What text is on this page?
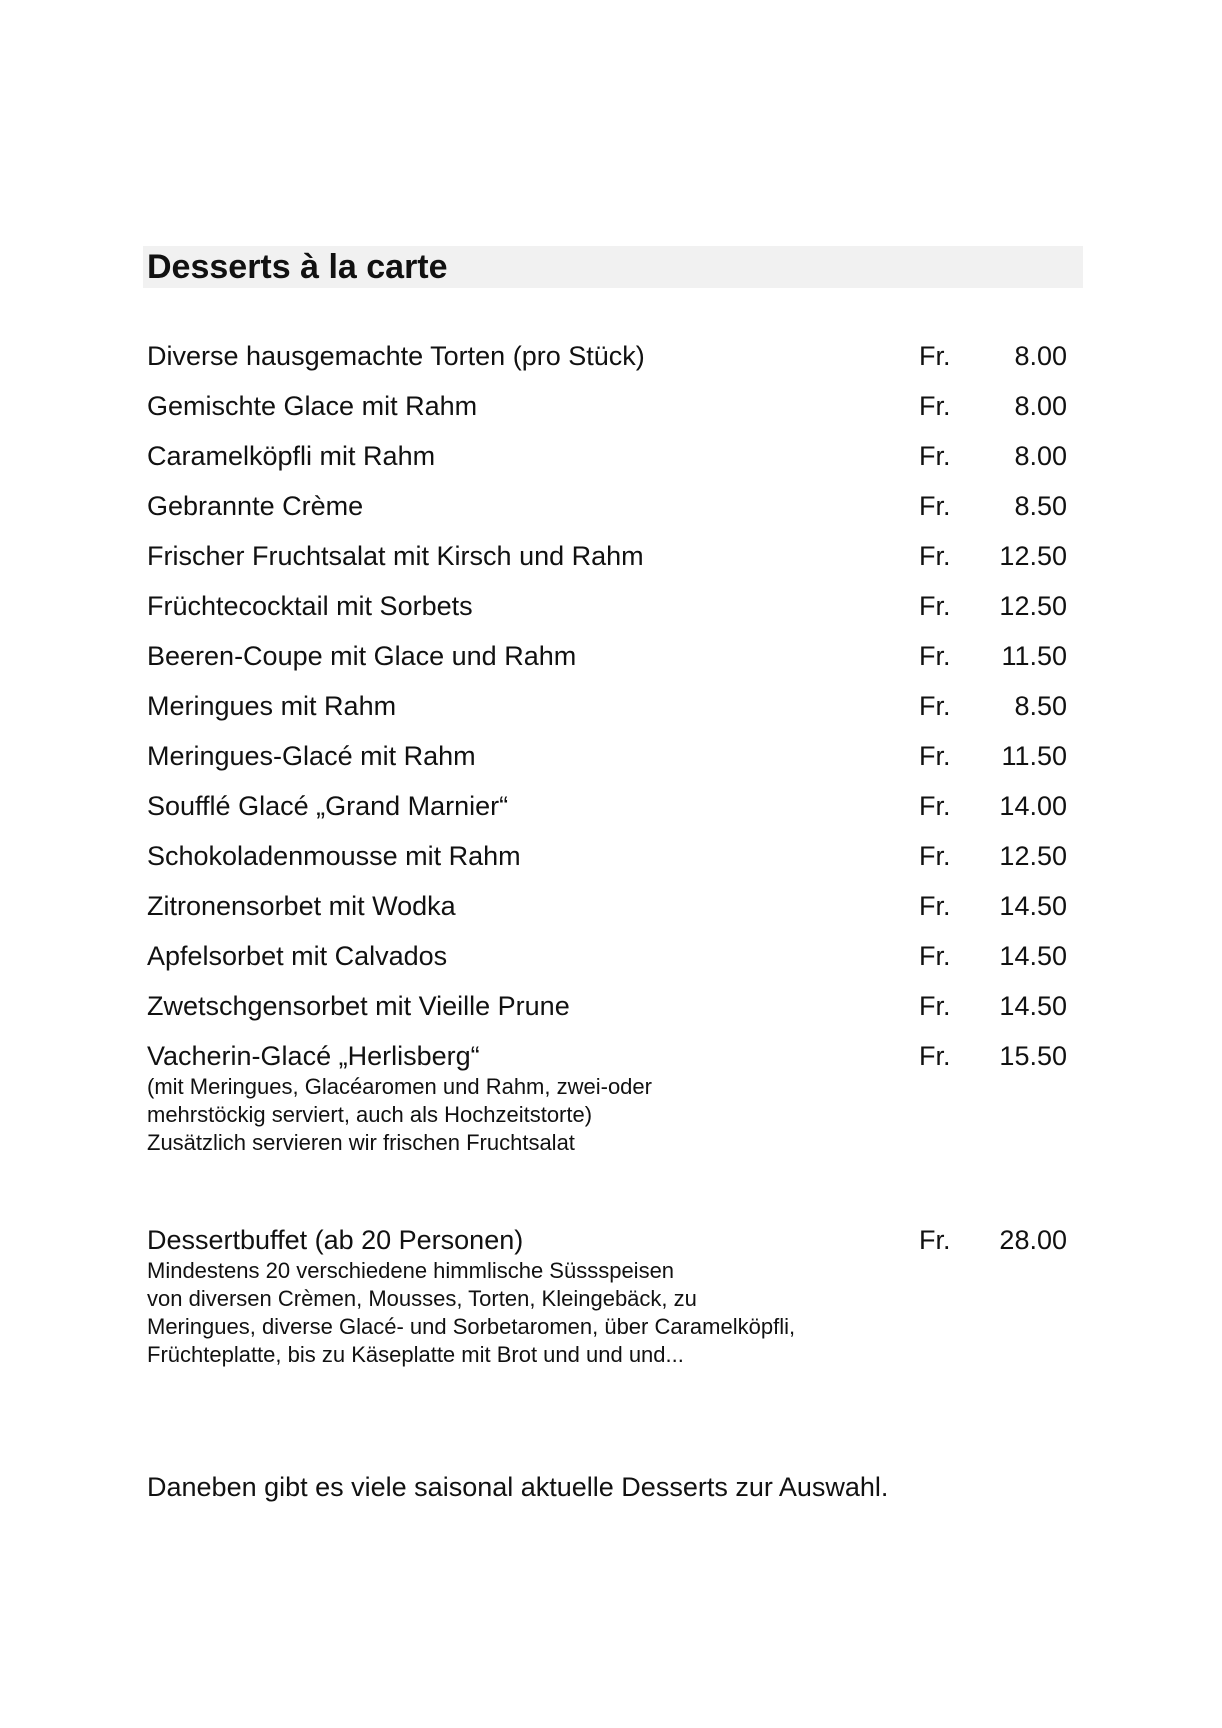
Desserts à la carte
Diverse hausgemachte Torten (pro Stück)	Fr. 8.00
Gemischte Glace mit Rahm	Fr. 8.00
Caramelköpfli mit Rahm	Fr. 8.00
Gebrannte Crème	Fr. 8.50
Frischer Fruchtsalat mit Kirsch und Rahm	Fr. 12.50
Früchtecocktail mit Sorbets	Fr. 12.50
Beeren-Coupe mit Glace und Rahm	Fr. 11.50
Meringues mit Rahm	Fr. 8.50
Meringues-Glacé mit Rahm	Fr. 11.50
Soufflé Glacé „Grand Marnier“	Fr. 14.00
Schokoladenmousse mit Rahm	Fr. 12.50
Zitronensorbet mit Wodka	Fr. 14.50
Apfelsorbet mit Calvados	Fr. 14.50
Zwetschgensorbet mit Vieille Prune	Fr. 14.50
Vacherin-Glacé „Herlisberg“	Fr. 15.50
(mit Meringues, Glacéaromen und Rahm, zwei-oder
mehrstöckig serviert, auch als Hochzeitstorte)
Zusätzlich servieren wir frischen Fruchtsalat
Dessertbuffet (ab 20 Personen)	Fr. 28.00
Mindestens 20 verschiedene himmlische Süssspeisen
von diversen Crèmen, Mousses, Torten, Kleingebäck, zu
Meringues, diverse Glacé- und Sorbetaromen, über Caramelköpfli,
Früchteplatte, bis zu Käseplatte mit Brot und und und...
Daneben gibt es viele saisonal aktuelle Desserts zur Auswahl.
